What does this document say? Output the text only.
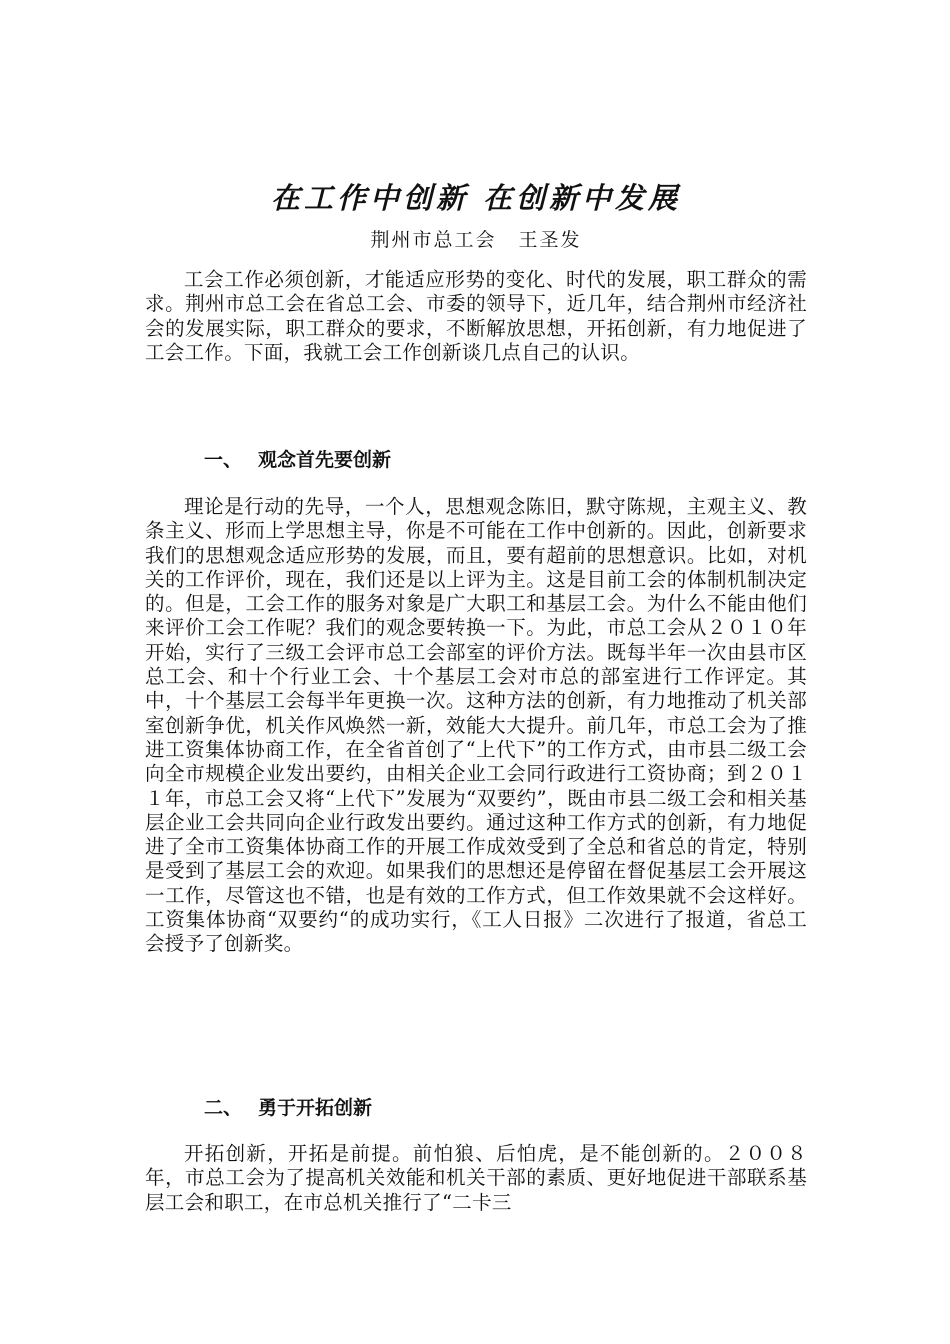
在工作中创新 在创新中发展
荆州市总工会 王圣发

工会工作必须创新，才能适应形势的变化、时代的发展，职工群众的需求。荆州市总工会在省总工会、市委的领导下，近几年，结合荆州市经济社会的发展实际，职工群众的要求，不断解放思想，开拓创新，有力地促进了工会工作。下面，我就工会工作创新谈几点自己的认识。

一、 观念首先要创新

理论是行动的先导，一个人，思想观念陈旧，默守陈规，主观主义、教条主义、形而上学思想主导，你是不可能在工作中创新的。因此，创新要求我们的思想观念适应形势的发展，而且，要有超前的思想意识。比如，对机关的工作评价，现在，我们还是以上评为主。这是目前工会的体制机制决定的。但是，工会工作的服务对象是广大职工和基层工会。为什么不能由他们来评价工会工作呢？我们的观念要转换一下。为此，市总工会从２０１０年开始，实行了三级工会评市总工会部室的评价方法。既每半年一次由县市区总工会、和十个行业工会、十个基层工会对市总的部室进行工作评定。其中，十个基层工会每半年更换一次。这种方法的创新，有力地推动了机关部室创新争优，机关作风焕然一新，效能大大提升。前几年，市总工会为了推进工资集体协商工作，在全省首创了“上代下”的工作方式，由市县二级工会向全市规模企业发出要约，由相关企业工会同行政进行工资协商；到２０１１年，市总工会又将“上代下”发展为“双要约”，既由市县二级工会和相关基层企业工会共同向企业行政发出要约。通过这种工作方式的创新，有力地促进了全市工资集体协商工作的开展工作成效受到了全总和省总的肯定，特别是受到了基层工会的欢迎。如果我们的思想还是停留在督促基层工会开展这一工作，尽管这也不错，也是有效的工作方式，但工作效果就不会这样好。工资集体协商“双要约“的成功实行，《工人日报》二次进行了报道，省总工会授予了创新奖。

二、 勇于开拓创新

开拓创新，开拓是前提。前怕狼、后怕虎，是不能创新的。２００８年，市总工会为了提高机关效能和机关干部的素质、更好地促进干部联系基层工会和职工，在市总机关推行了“二卡三
